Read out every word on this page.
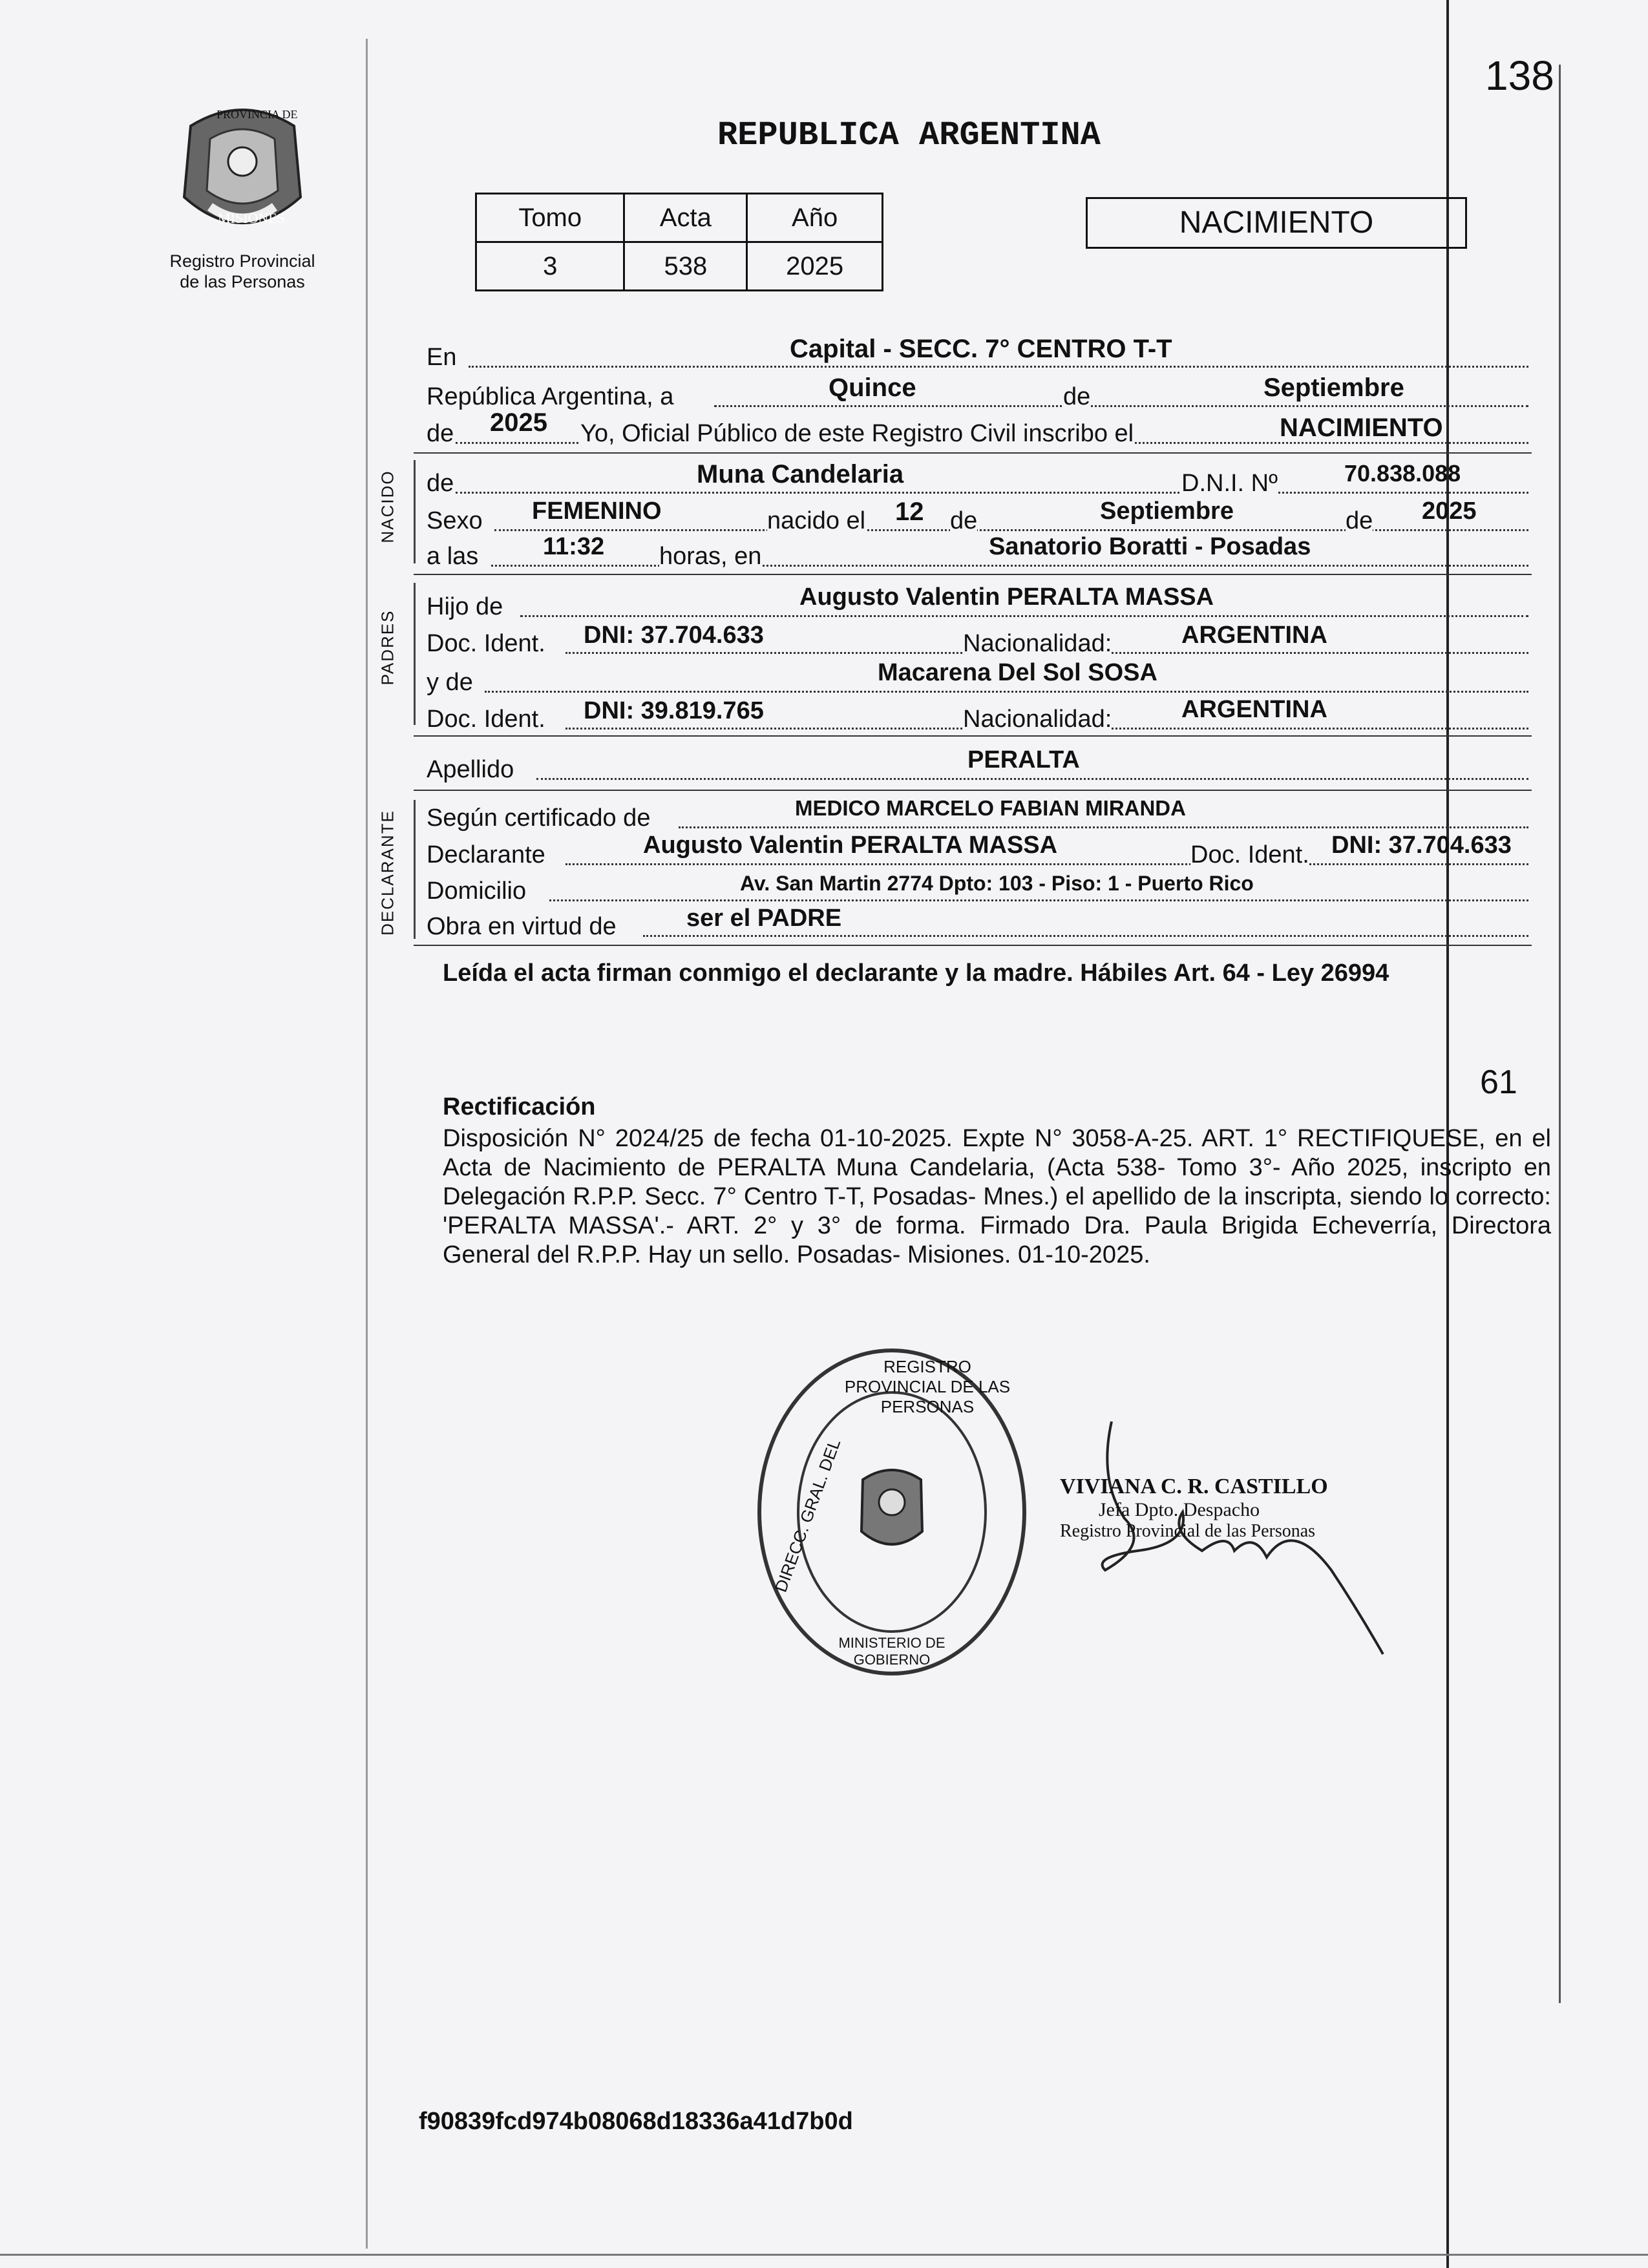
138
PROVINCIA DE
MISIONES
Registro Provincial
de las Personas
REPUBLICA ARGENTINA
Tomo	Acta	Año
3	538	2025
NACIMIENTO
En	Capital - SECC. 7° CENTRO T-T
República Argentina, a	Quince	de	Septiembre
de 2025 Yo, Oficial Público de este Registro Civil inscribo el	NACIMIENTO
NACIDO de	Muna Candelaria	D.N.I. Nº	70.838.088
Sexo FEMENINO	nacido el 12 de	Septiembre	de 2025
a las	11:32 horas, en	Sanatorio Boratti - Posadas
PADRES
Hijo de	Augusto Valentin PERALTA MASSA
Doc. Ident. DNI: 37.704.633	Nacionalidad:	ARGENTINA
y de	Macarena Del Sol SOSA
Doc. Ident. DNI: 39.819.765	Nacionalidad:	ARGENTINA
Apellido	PERALTA
DECLARANTE Según certificado de	MEDICO MARCELO FABIAN MIRANDA
Declarante	Augusto Valentin PERALTA MASSA	Doc. Ident. DNI: 37.704.633
Domicilio	Av. San Martin 2774 Dpto: 103 - Piso: 1 - Puerto Rico
Obra en virtud de	ser el PADRE
Leída el acta firman conmigo el declarante y la madre. Hábiles Art. 64 - Ley 26994
61
Rectificación
Disposición N° 2024/25 de fecha 01-10-2025. Expte N° 3058-A-25. ART. 1° RECTIFIQUESE, en el Acta de Nacimiento de PERALTA Muna Candelaria, (Acta 538- Tomo 3°- Año 2025, inscripto en Delegación R.P.P. Secc. 7° Centro T-T, Posadas- Mnes.) el apellido de la inscripta, siendo lo correcto: 'PERALTA MASSA'.- ART. 2° y 3° de forma. Firmado Dra. Paula Brigida Echeverría, Directora General del R.P.P. Hay un sello. Posadas- Misiones. 01-10-2025.
REGISTRO PROVINCIAL DE LAS PERSONAS
DIRECC. GRAL. DEL
MINISTERIO DE GOBIERNO
VIVIANA C. R. CASTILLO
Jefa Dpto. Despacho
Registro Provincial de las Personas
f90839fcd974b08068d18336a41d7b0d
